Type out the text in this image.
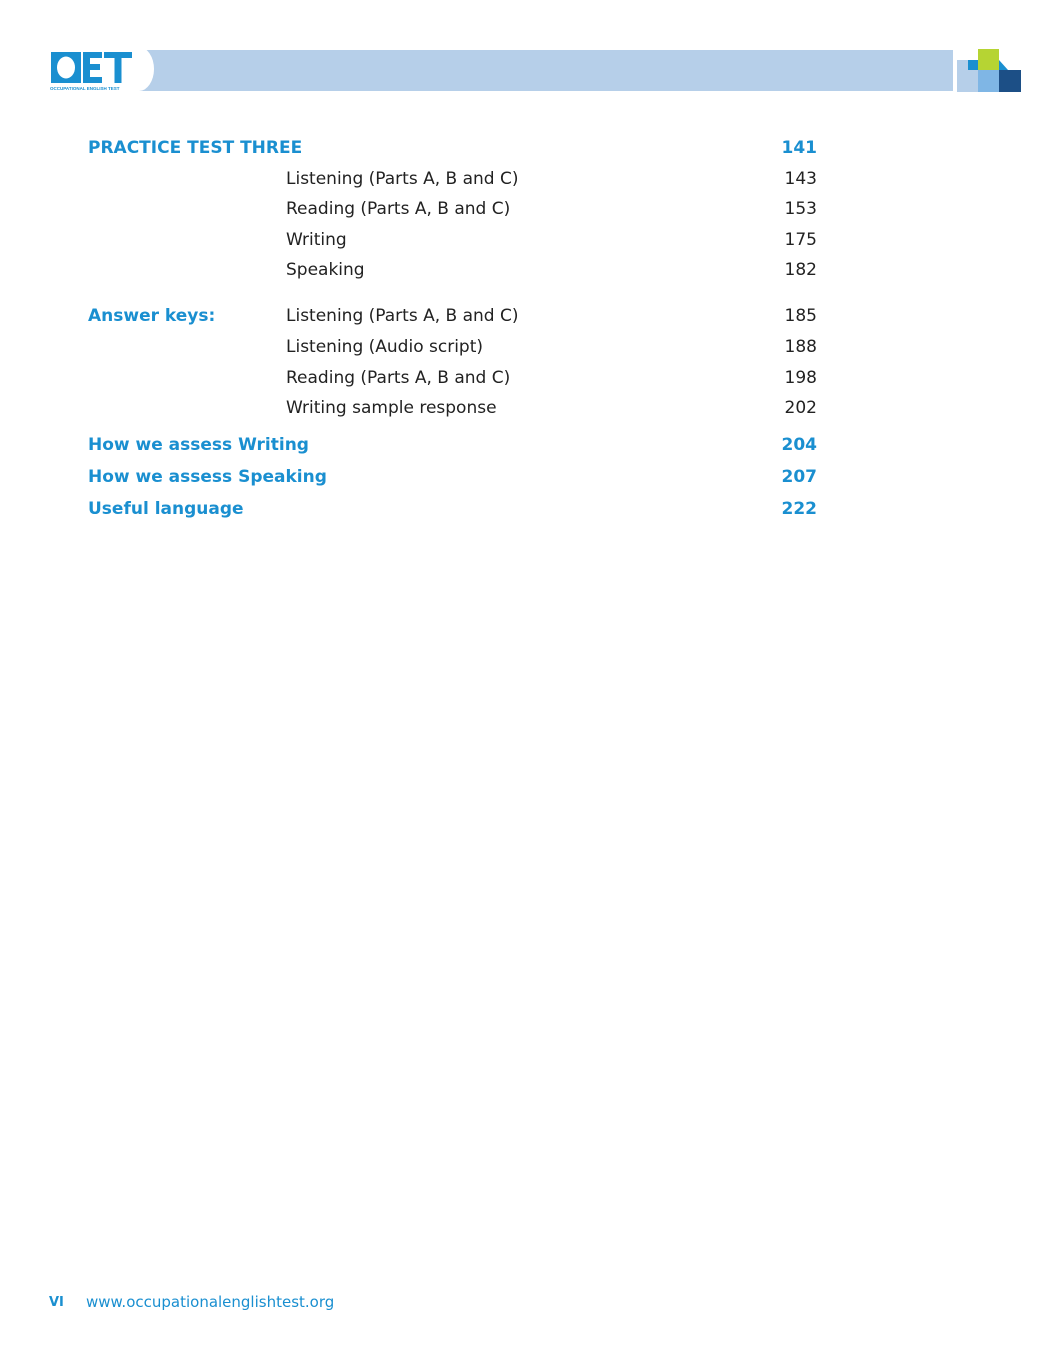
OCCUPATIONAL ENGLISH TEST
PRACTICE TEST THREE	141
Listening (Parts A, B and C)	143
Reading (Parts A, B and C)	153
Writing	175
Speaking	182
Answer keys:	Listening (Parts A, B and C)	185
Listening (Audio script)	188
Reading (Parts A, B and C)	198
Writing sample response	202
How we assess Writing	204
How we assess Speaking	207
Useful language	222
VI www.occupationalenglishtest.org
